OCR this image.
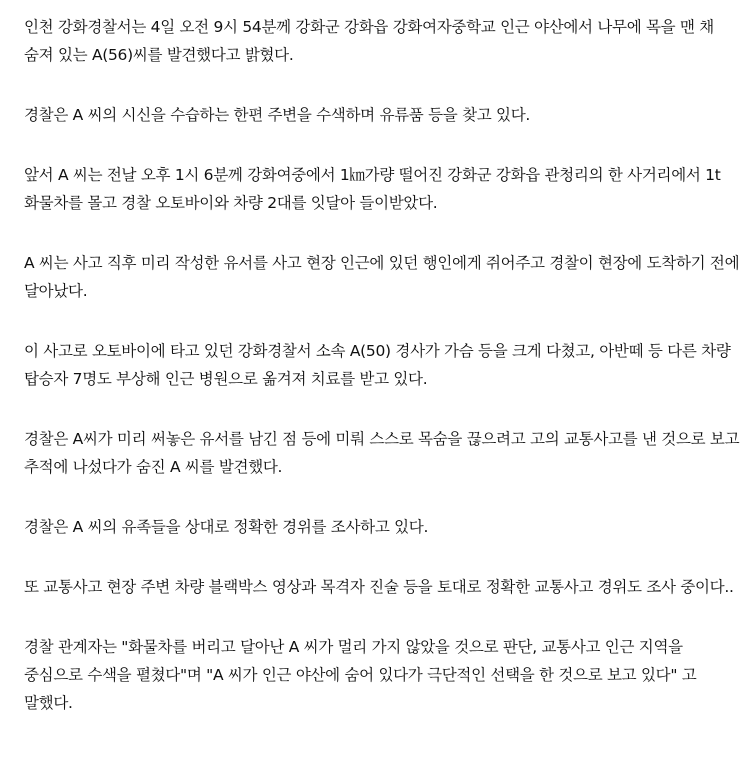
인천 강화경찰서는 4일 오전 9시 54분께 강화군 강화읍 강화여자중학교 인근 야산에서 나무에 목을 맨 채 숨져 있는 A(56)씨를 발견했다고 밝혔다.

경찰은 A 씨의 시신을 수습하는 한편 주변을 수색하며 유류품 등을 찾고 있다.

앞서 A 씨는 전날 오후 1시 6분께 강화여중에서 1㎞가량 떨어진 강화군 강화읍 관청리의 한 사거리에서 1t 화물차를 몰고 경찰 오토바이와 차량 2대를 잇달아 들이받았다.

A 씨는 사고 직후 미리 작성한 유서를 사고 현장 인근에 있던 행인에게 쥐어주고 경찰이 현장에 도착하기 전에 달아났다.

이 사고로 오토바이에 타고 있던 강화경찰서 소속 A(50) 경사가 가슴 등을 크게 다쳤고, 아반떼 등 다른 차량 탑승자 7명도 부상해 인근 병원으로 옮겨져 치료를 받고 있다.

경찰은 A씨가 미리 써놓은 유서를 남긴 점 등에 미뤄 스스로 목숨을 끊으려고 고의 교통사고를 낸 것으로 보고 추적에 나섰다가 숨진 A 씨를 발견했다.

경찰은 A 씨의 유족들을 상대로 정확한 경위를 조사하고 있다.

또 교통사고 현장 주변 차량 블랙박스 영상과 목격자 진술 등을 토대로 정확한 교통사고 경위도 조사 중이다..

경찰 관계자는 "화물차를 버리고 달아난 A 씨가 멀리 가지 않았을 것으로 판단, 교통사고 인근 지역을 중심으로 수색을 펼쳤다"며 "A 씨가 인근 야산에 숨어 있다가 극단적인 선택을 한 것으로 보고 있다" 고 말했다.
